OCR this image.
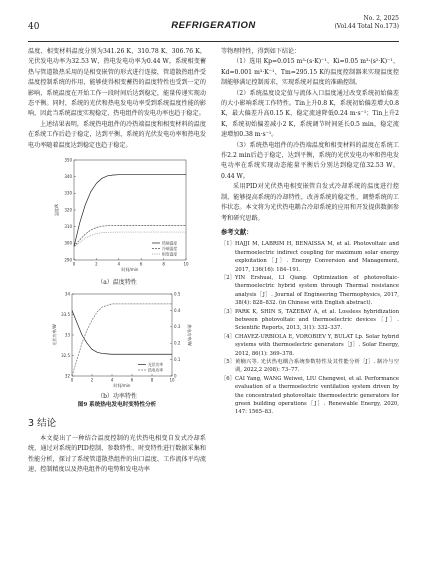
40	REFRIGERATION
No. 2, 2025
(Vol.44 Total No.173)

温度、相变材料温度分别为341.26 K、310.78 K、306.76 K，光伏发电功率为32.53 W，热电发电功率为0.44 W。系统相变蓄热与管道散热采用的是相变嵌管的形式进行连接，管道散热组件受温度控制系统的作用，能够使得相变蓄热的温度特性也受到一定的影响，系统温度在开始工作一段时间后达到稳定，能量传递实现动态平衡。同时，系统的光伏和热电发电功率受到系统温度性能的影响，因此当系统温度实现稳定，热电组件的发电功率也趋于稳定。

上述结果表明，系统热电组件的冷热端温度和相变材料的温度在系统工作后趋于稳定，达到平衡，系统的光伏发电功率和热电发电功率随着温度达到稳定也趋于稳定。

0	2	4	6	8	10
290
300
310
320
330
340
350
时间/min
温度/K
热端温度
冷端温度
相变温度
（a）温度特性
0	2	4	6	8	10
32
32.5
33
33.5
34
0
0.1
0.2
0.3
0.4
0.5
时间/min
光伏功率/W	热电功率/W
光伏功率
热电功率
（b）功率特性
图9 系统热电发电时变特性分析
3 结论

本文提出了一种结合温度控制的光伏热电相变自发式冷却系统，通过对系统的PID控制、参数特性、时变特性进行数据采集和性能分析，探讨了系统管道散热组件的出口温度、工作流体平均流速、控制精度以及热电组件的电势和发电功率

等物理特性，得到如下结论：

（1）选用 Kp=0.015 m³·(s·K)⁻¹、Ki=0.05 m³·(s²·K)⁻¹、Kd=0.001 m³·K⁻¹、Tm=295.15 K的温度控制器来实现温度控制能够满足控制需求，实现系统对温度的准确控制。

（2）系统温度设定值与流体入口温度通过改变系统初始偏差的大小影响系统工作特性。Tin上升0.8 K，系统初始偏差增大0.8 K，最大偏差升高0.15 K，稳定流速降低0.24 m·s⁻¹；Tin上升2 K，系统初始偏差减小2 K，系统调节时间延长0.5 min，稳定流速增加0.38 m·s⁻¹。

（3）系统热电组件的冷热端温度和相变材料的温度在系统工作2.2 min后趋于稳定，达到平衡，系统的光伏发电功率和热电发电功率在系统实现动态能量平衡后分别达到稳定值32.53 W、0.44 W。

采用PID对光伏热电相变嵌管自发式冷却系统的温度进行控制，能够提高系统的冷却特性，改善系统的稳定性，调整系统的工作状态。本文将为光伏热电耦合冷却系统的应用和开发提供数据参考和研究思路。

参考文献：
［1］ HAJJI M, LABRIM H, BENAISSA M, et al. Photovoltaic and thermoelectric indirect coupling for maximum solar energy exploitation［J］. Energy Conversion and Management, 2017, 136(16): 184–191.
［2］ YIN Ershuai, LI Qiang. Optimization of photovoltaic-thermoelectric hybrid system through Thermal resistance analysis［J］. Journal of Engineering Thermophysics, 2017, 38(4): 828–832. (in Chinese with English abstract).
［3］ PARK K, SHIN S, TAZEBAY A, et al. Lossless hybridization between photovoltaic and thermoelectric devices［J］. Scientific Reports, 2013, 3(1): 332–337.
［4］ CHAVEZ-URBIOLA E, VOROBIEV Y, BULAT Lp. Solar hybrid systems with thermoelectric generators［J］. Solar Energy, 2012, 86(1): 369–378.
［5］ 黄楠兴等. 光伏热电耦合系统参数特性及其性能分析［J］. 制冷与空调, 2022,2 2(08): 73–77.
［6］ CAI Yang, WANG Weiwei, LIU Chengwei, et al. Performance evaluation of a thermoelectric ventilation system driven by the concentrated photovoltaic thermoelectric generators for green building operations［J］. Renewable Energy, 2020, 147: 1565–83.
